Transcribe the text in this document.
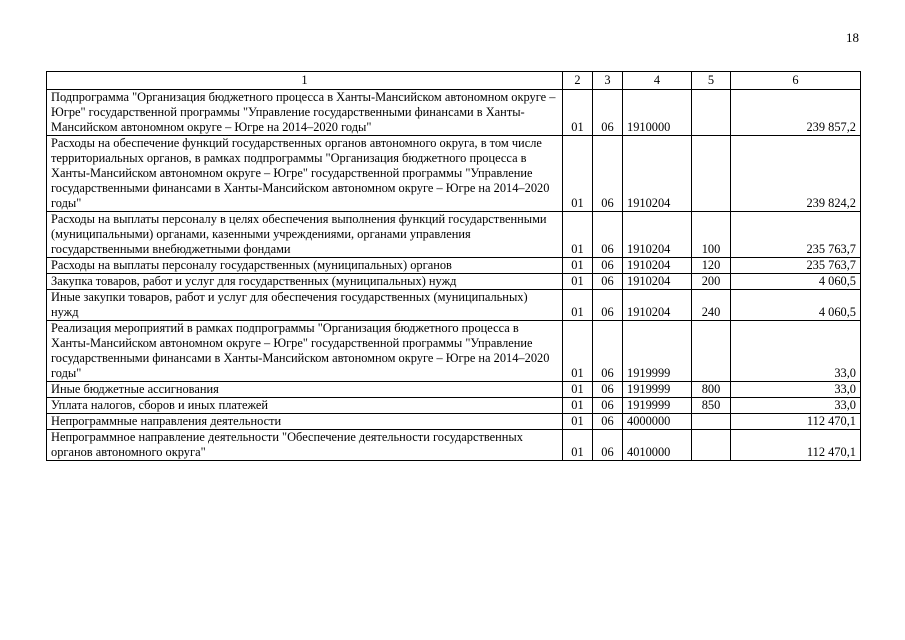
18
1	2	3	4	5	6
Подпрограмма "Организация бюджетного процесса в Ханты-Мансийском автономном округе – Югре" государственной программы "Управление государственными финансами в Ханты-Мансийском автономном округе – Югре на 2014–2020 годы"	01	06	1910000		239 857,2
Расходы на обеспечение функций государственных органов автономного округа, в том числе территориальных органов, в рамках подпрограммы "Организация бюджетного процесса в Ханты-Мансийском автономном округе – Югре" государственной программы "Управление государственными финансами в Ханты-Мансийском автономном округе – Югре на 2014–2020 годы"	01	06	1910204		239 824,2
Расходы на выплаты персоналу в целях обеспечения выполнения функций государственными (муниципальными) органами, казенными учреждениями, органами управления государственными внебюджетными фондами	01	06	1910204	100	235 763,7
Расходы на выплаты персоналу государственных (муниципальных) органов	01	06	1910204	120	235 763,7
Закупка товаров, работ и услуг для государственных (муниципальных) нужд	01	06	1910204	200	4 060,5
Иные закупки товаров, работ и услуг для обеспечения государственных (муниципальных) нужд	01	06	1910204	240	4 060,5
Реализация мероприятий в рамках подпрограммы "Организация бюджетного процесса в Ханты-Мансийском автономном округе – Югре" государственной программы "Управление государственными финансами в Ханты-Мансийском автономном округе – Югре на 2014–2020 годы"	01	06	1919999		33,0
Иные бюджетные ассигнования	01	06	1919999	800	33,0
Уплата налогов, сборов и иных платежей	01	06	1919999	850	33,0
Непрограммные направления деятельности	01	06	4000000		112 470,1
Непрограммное направление деятельности "Обеспечение деятельности государственных органов автономного округа"	01	06	4010000		112 470,1
